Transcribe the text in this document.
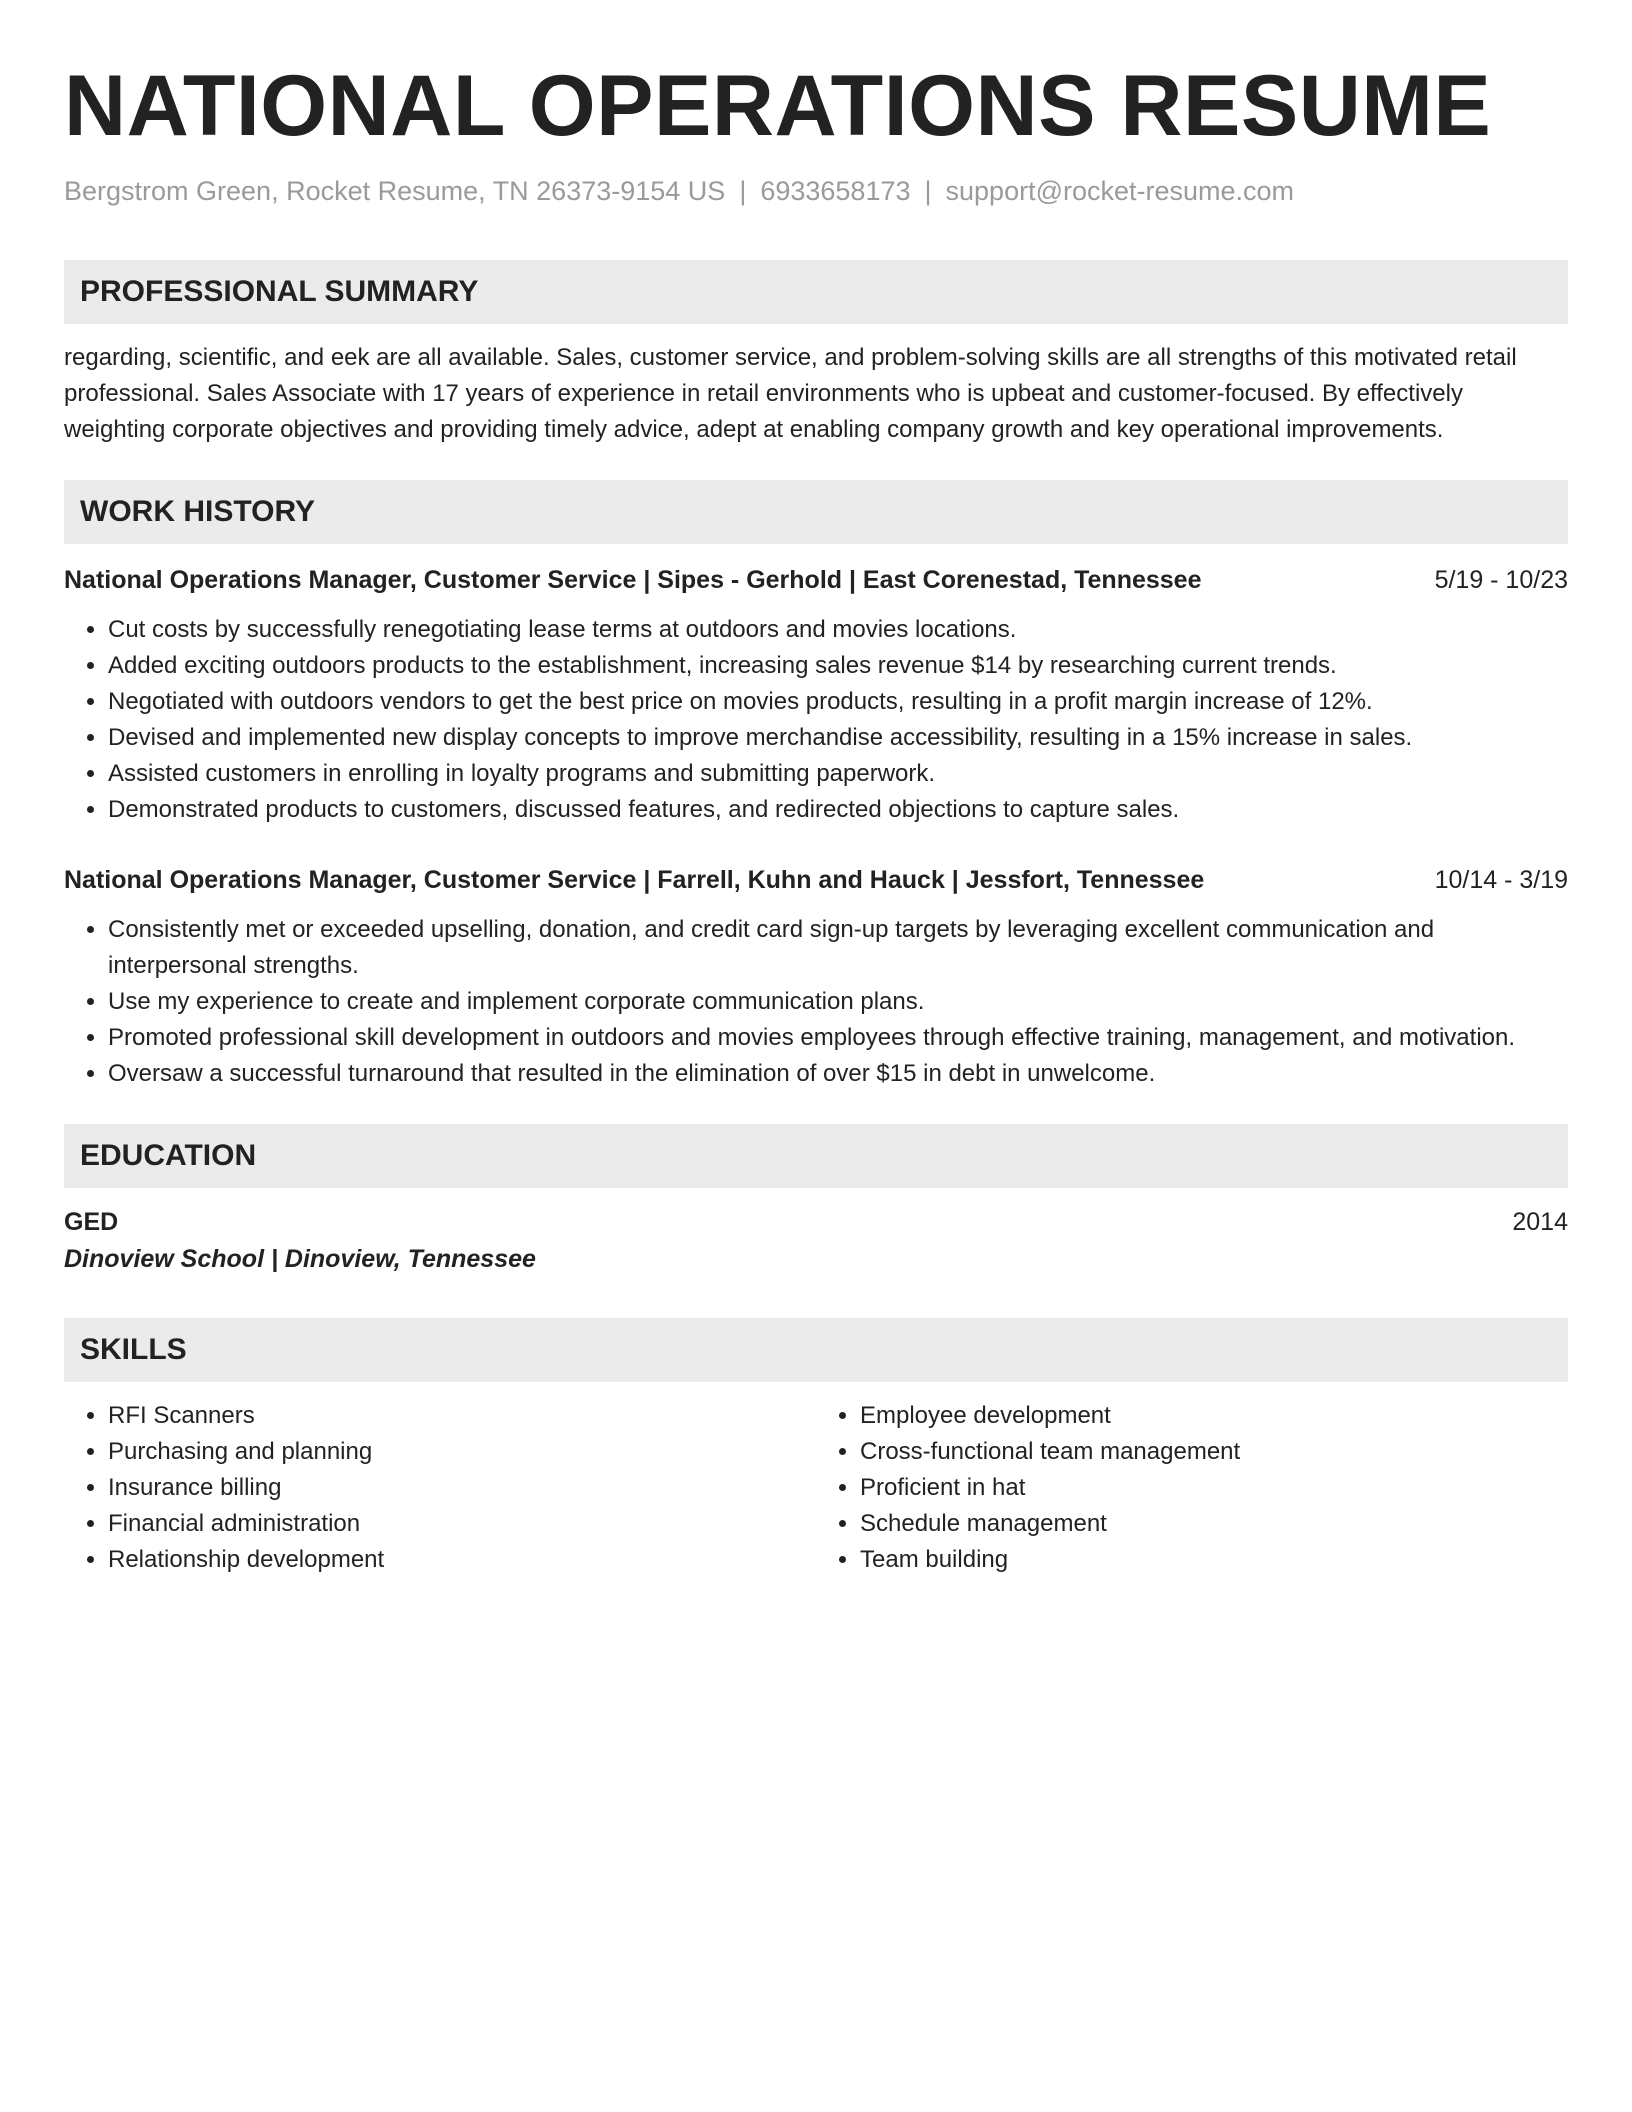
NATIONAL OPERATIONS RESUME
Bergstrom Green, Rocket Resume, TN 26373-9154 US | 6933658173 | support@rocket-resume.com
PROFESSIONAL SUMMARY
regarding, scientific, and eek are all available. Sales, customer service, and problem-solving skills are all strengths of this motivated retail professional. Sales Associate with 17 years of experience in retail environments who is upbeat and customer-focused. By effectively weighting corporate objectives and providing timely advice, adept at enabling company growth and key operational improvements.
WORK HISTORY
National Operations Manager, Customer Service | Sipes - Gerhold | East Corenestad, Tennessee	5/19 - 10/23
• Cut costs by successfully renegotiating lease terms at outdoors and movies locations.
• Added exciting outdoors products to the establishment, increasing sales revenue $14 by researching current trends.
• Negotiated with outdoors vendors to get the best price on movies products, resulting in a profit margin increase of 12%.
• Devised and implemented new display concepts to improve merchandise accessibility, resulting in a 15% increase in sales.
• Assisted customers in enrolling in loyalty programs and submitting paperwork.
• Demonstrated products to customers, discussed features, and redirected objections to capture sales.
National Operations Manager, Customer Service | Farrell, Kuhn and Hauck | Jessfort, Tennessee	10/14 - 3/19
• Consistently met or exceeded upselling, donation, and credit card sign-up targets by leveraging excellent communication and interpersonal strengths.
• Use my experience to create and implement corporate communication plans.
• Promoted professional skill development in outdoors and movies employees through effective training, management, and motivation.
• Oversaw a successful turnaround that resulted in the elimination of over $15 in debt in unwelcome.
EDUCATION
GED	2014
Dinoview School | Dinoview, Tennessee
SKILLS
• RFI Scanners
• Purchasing and planning
• Insurance billing
• Financial administration
• Relationship development
• Employee development
• Cross-functional team management
• Proficient in hat
• Schedule management
• Team building
